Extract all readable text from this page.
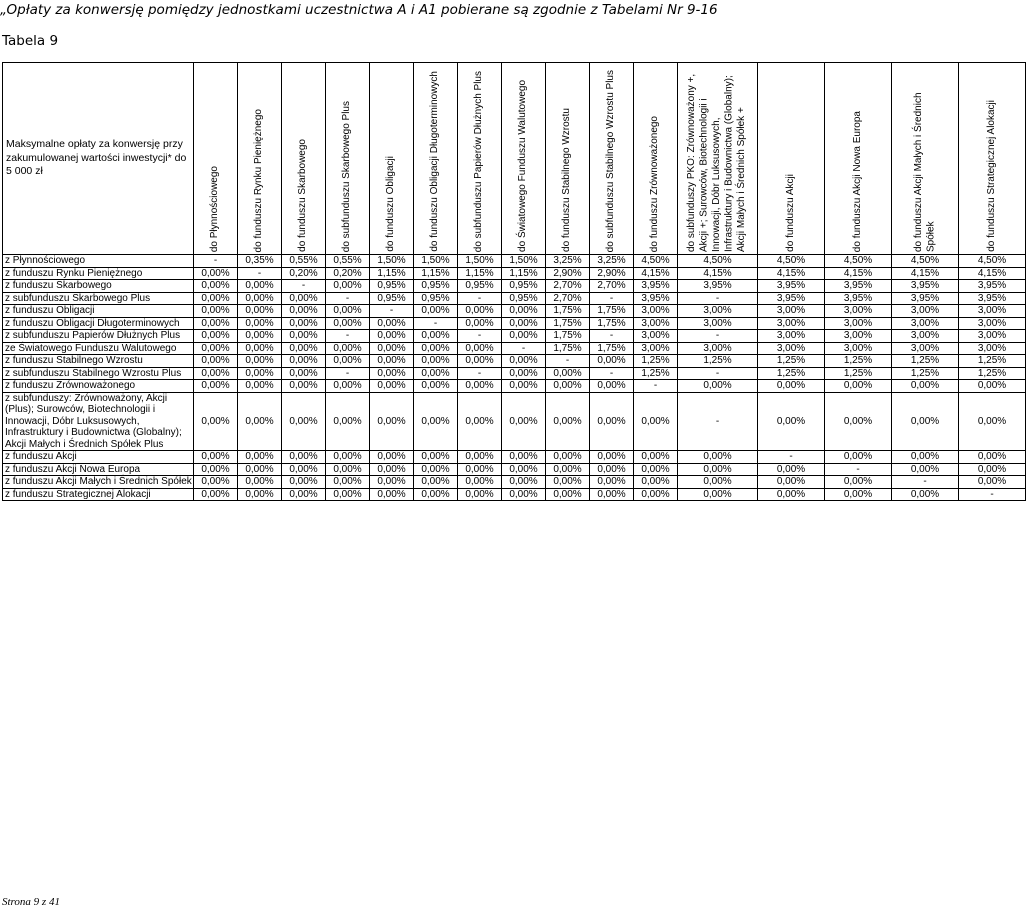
„Opłaty za konwersję pomiędzy jednostkami uczestnictwa A i A1 pobierane są zgodnie z Tabelami Nr 9-16
Tabela 9
Maksymalne opłaty za konwersję przy zakumulowanej wartości inwestycji* do 5 000 zł	do Płynnościowego	do funduszu Rynku Pieniężnego	do funduszu Skarbowego	do subfunduszu Skarbowego Plus	do funduszu Obligacji	do funduszu Obligacji Długoterminowych	do subfunduszu Papierów Dłużnych Plus	do Światowego Funduszu Walutowego	do funduszu Stabilnego Wzrostu	do subfunduszu Stabilnego Wzrostu Plus	do funduszu Zrównoważonego	do subfunduszy PKO: Zrównoważony +, Akcji +; Surowców, Biotechnologii i Innowacji, Dóbr Luksusowych, Infrastruktury i Budownictwa (Globalny); Akcji Małych i Średnich Spółek +	do funduszu Akcji	do funduszu Akcji Nowa Europa	do funduszu Akcji Małych i Średnich Spółek	do funduszu Strategicznej Alokacji

z Płynnościowego	-	0,35%	0,55%	0,55%	1,50%	1,50%	1,50%	1,50%	3,25%	3,25%	4,50%	4,50%	4,50%	4,50%	4,50%	4,50%
z funduszu Rynku Pieniężnego	0,00%	-	0,20%	0,20%	1,15%	1,15%	1,15%	1,15%	2,90%	2,90%	4,15%	4,15%	4,15%	4,15%	4,15%	4,15%
z funduszu Skarbowego	0,00%	0,00%	-	0,00%	0,95%	0,95%	0,95%	0,95%	2,70%	2,70%	3,95%	3,95%	3,95%	3,95%	3,95%	3,95%
z subfunduszu Skarbowego Plus	0,00%	0,00%	0,00%	-	0,95%	0,95%	-	0,95%	2,70%	-	3,95%	-	3,95%	3,95%	3,95%	3,95%
z funduszu Obligacji	0,00%	0,00%	0,00%	0,00%	-	0,00%	0,00%	0,00%	1,75%	1,75%	3,00%	3,00%	3,00%	3,00%	3,00%	3,00%
z funduszu Obligacji Długoterminowych	0,00%	0,00%	0,00%	0,00%	0,00%	-	0,00%	0,00%	1,75%	1,75%	3,00%	3,00%	3,00%	3,00%	3,00%	3,00%
z subfunduszu Papierów Dłużnych Plus	0,00%	0,00%	0,00%	-	0,00%	0,00%	-	0,00%	1,75%	-	3,00%	-	3,00%	3,00%	3,00%	3,00%
ze Światowego Funduszu Walutowego	0,00%	0,00%	0,00%	0,00%	0,00%	0,00%	0,00%	-	1,75%	1,75%	3,00%	3,00%	3,00%	3,00%	3,00%	3,00%
z funduszu Stabilnego Wzrostu	0,00%	0,00%	0,00%	0,00%	0,00%	0,00%	0,00%	0,00%	-	0,00%	1,25%	1,25%	1,25%	1,25%	1,25%	1,25%
z subfunduszu Stabilnego Wzrostu Plus	0,00%	0,00%	0,00%	-	0,00%	0,00%	-	0,00%	0,00%	-	1,25%	-	1,25%	1,25%	1,25%	1,25%
z funduszu Zrównoważonego	0,00%	0,00%	0,00%	0,00%	0,00%	0,00%	0,00%	0,00%	0,00%	0,00%	-	0,00%	0,00%	0,00%	0,00%	0,00%
z subfunduszy: Zrównoważony, Akcji (Plus); Surowców, Biotechnologii i Innowacji, Dóbr Luksusowych, Infrastruktury i Budownictwa (Globalny); Akcji Małych i Średnich Spółek Plus	0,00%	0,00%	0,00%	0,00%	0,00%	0,00%	0,00%	0,00%	0,00%	0,00%	0,00%	-	0,00%	0,00%	0,00%	0,00%
z funduszu Akcji	0,00%	0,00%	0,00%	0,00%	0,00%	0,00%	0,00%	0,00%	0,00%	0,00%	0,00%	0,00%	-	0,00%	0,00%	0,00%
z funduszu Akcji Nowa Europa	0,00%	0,00%	0,00%	0,00%	0,00%	0,00%	0,00%	0,00%	0,00%	0,00%	0,00%	0,00%	0,00%	-	0,00%	0,00%
z funduszu Akcji Małych i Średnich Spółek	0,00%	0,00%	0,00%	0,00%	0,00%	0,00%	0,00%	0,00%	0,00%	0,00%	0,00%	0,00%	0,00%	0,00%	-	0,00%
z funduszu Strategicznej Alokacji	0,00%	0,00%	0,00%	0,00%	0,00%	0,00%	0,00%	0,00%	0,00%	0,00%	0,00%	0,00%	0,00%	0,00%	0,00%	-
Strona 9 z 41
